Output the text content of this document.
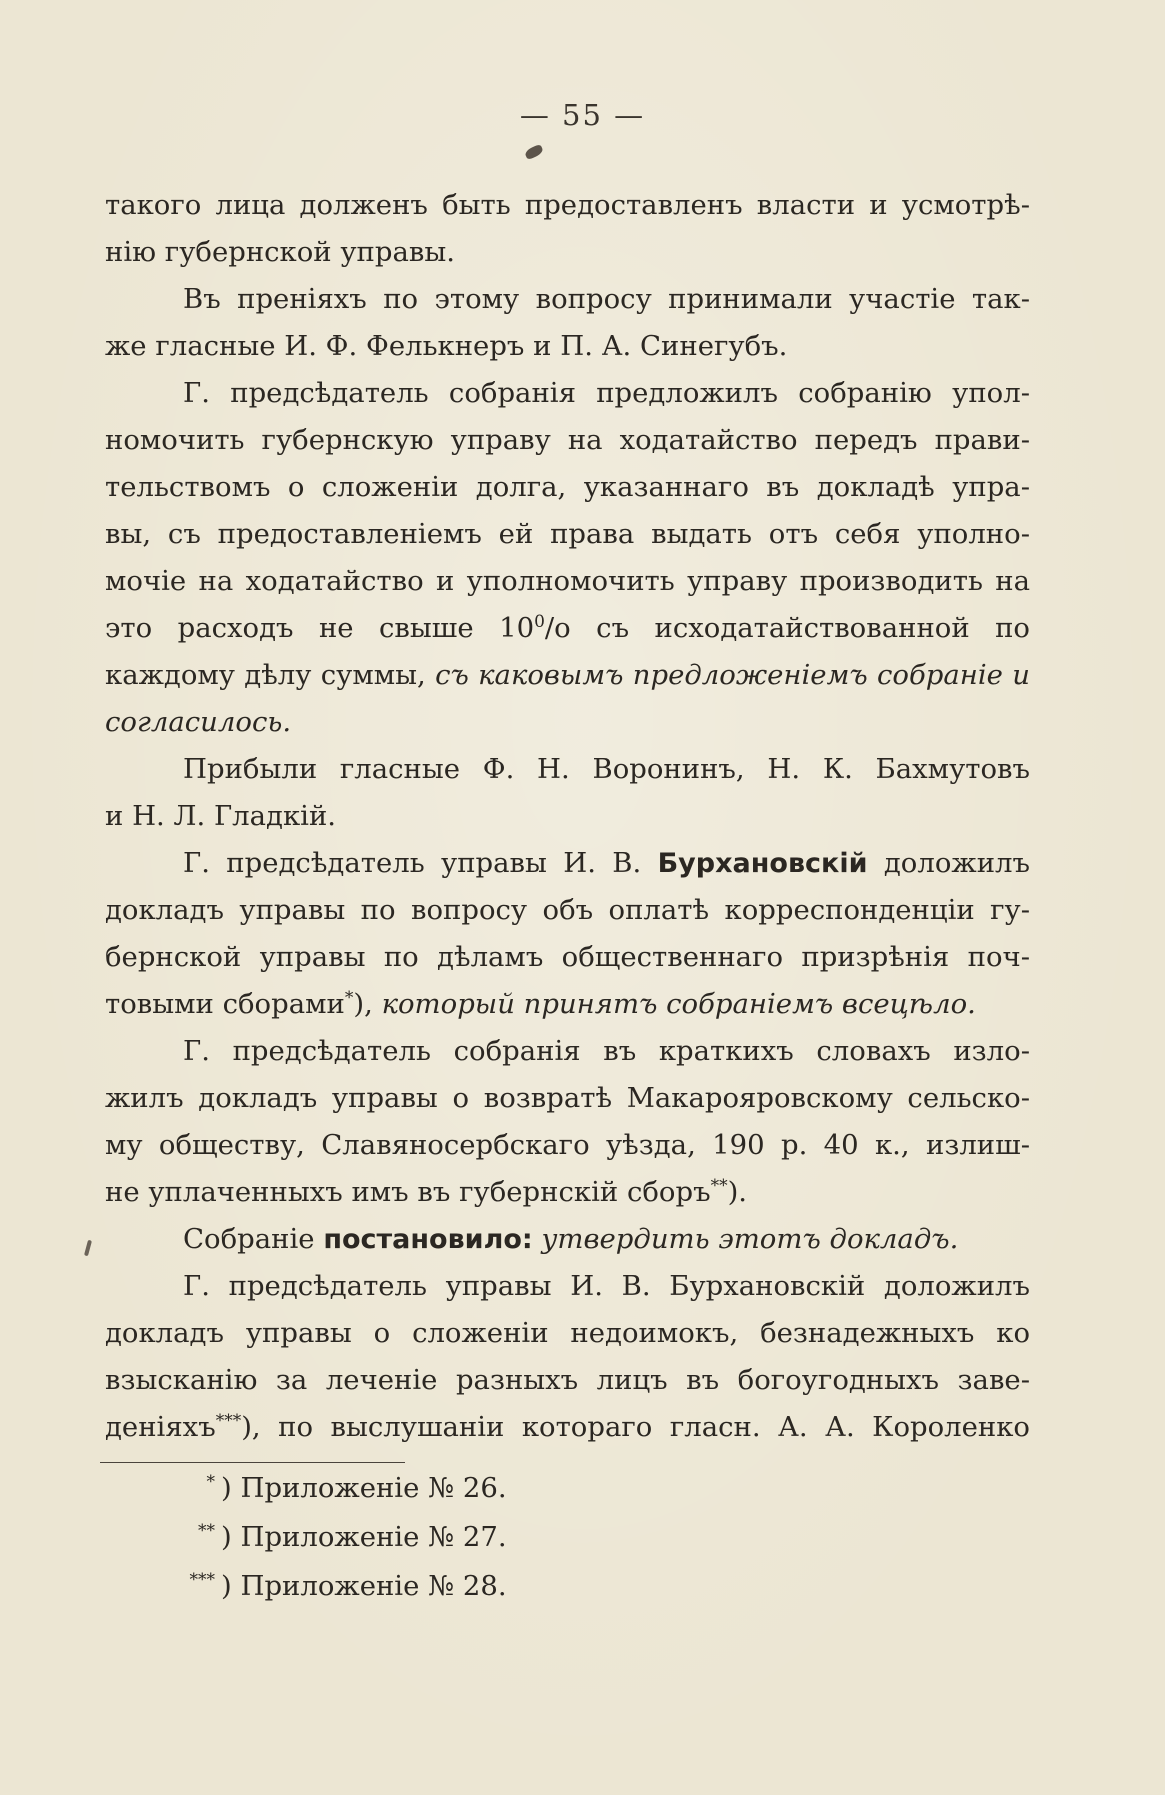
— 55 —

такого лица долженъ быть предоставленъ власти и усмотрѣ-

нію губернской управы.

Въ преніяхъ по этому вопросу принимали участіе так-

же гласные И. Ф. Фелькнеръ и П. А. Синегубъ.

Г. предсѣдатель собранія предложилъ собранію упол-

номочить губернскую управу на ходатайство передъ прави-

тельствомъ о сложеніи долга, указаннаго въ докладѣ упра-

вы, съ предоставленіемъ ей права выдать отъ себя уполно-

мочіе на ходатайство и уполномочить управу производить на

это расходъ не свыше $10^0/о$ съ исходатайствованной по

каждому дѣлу суммы, съ каковымъ предложеніемъ собраніе и

согласилось.

Прибыли гласные Ф. Н. Воронинъ, Н. К. Бахмутовъ

и Н. Л. Гладкій.

Г. предсѣдатель управы И. В. Бурхановскій доложилъ

докладъ управы по вопросу объ оплатѣ корреспонденціи гу-

бернской управы по дѣламъ общественнаго призрѣнія поч-

товыми сборами*), который принятъ собраніемъ всецѣло.

Г. предсѣдатель собранія въ краткихъ словахъ изло-

жилъ докладъ управы о возвратѣ Макарояровскому сельско-

му обществу, Славяносербскаго уѣзда, 190 р. 40 к., излиш-

не уплаченныхъ имъ въ губернскій сборъ**).

Собраніе постановило: утвердить этотъ докладъ.

Г. предсѣдатель управы И. В. Бурхановскій доложилъ

докладъ управы о сложеніи недоимокъ, безнадежныхъ ко

взысканію за леченіе разныхъ лицъ въ богоугодныхъ заве-

деніяхъ***), по выслушаніи котораго гласн. А. А. Короленко

* ) Приложеніе № 26.
** ) Приложеніе № 27.
*** ) Приложеніе № 28.
